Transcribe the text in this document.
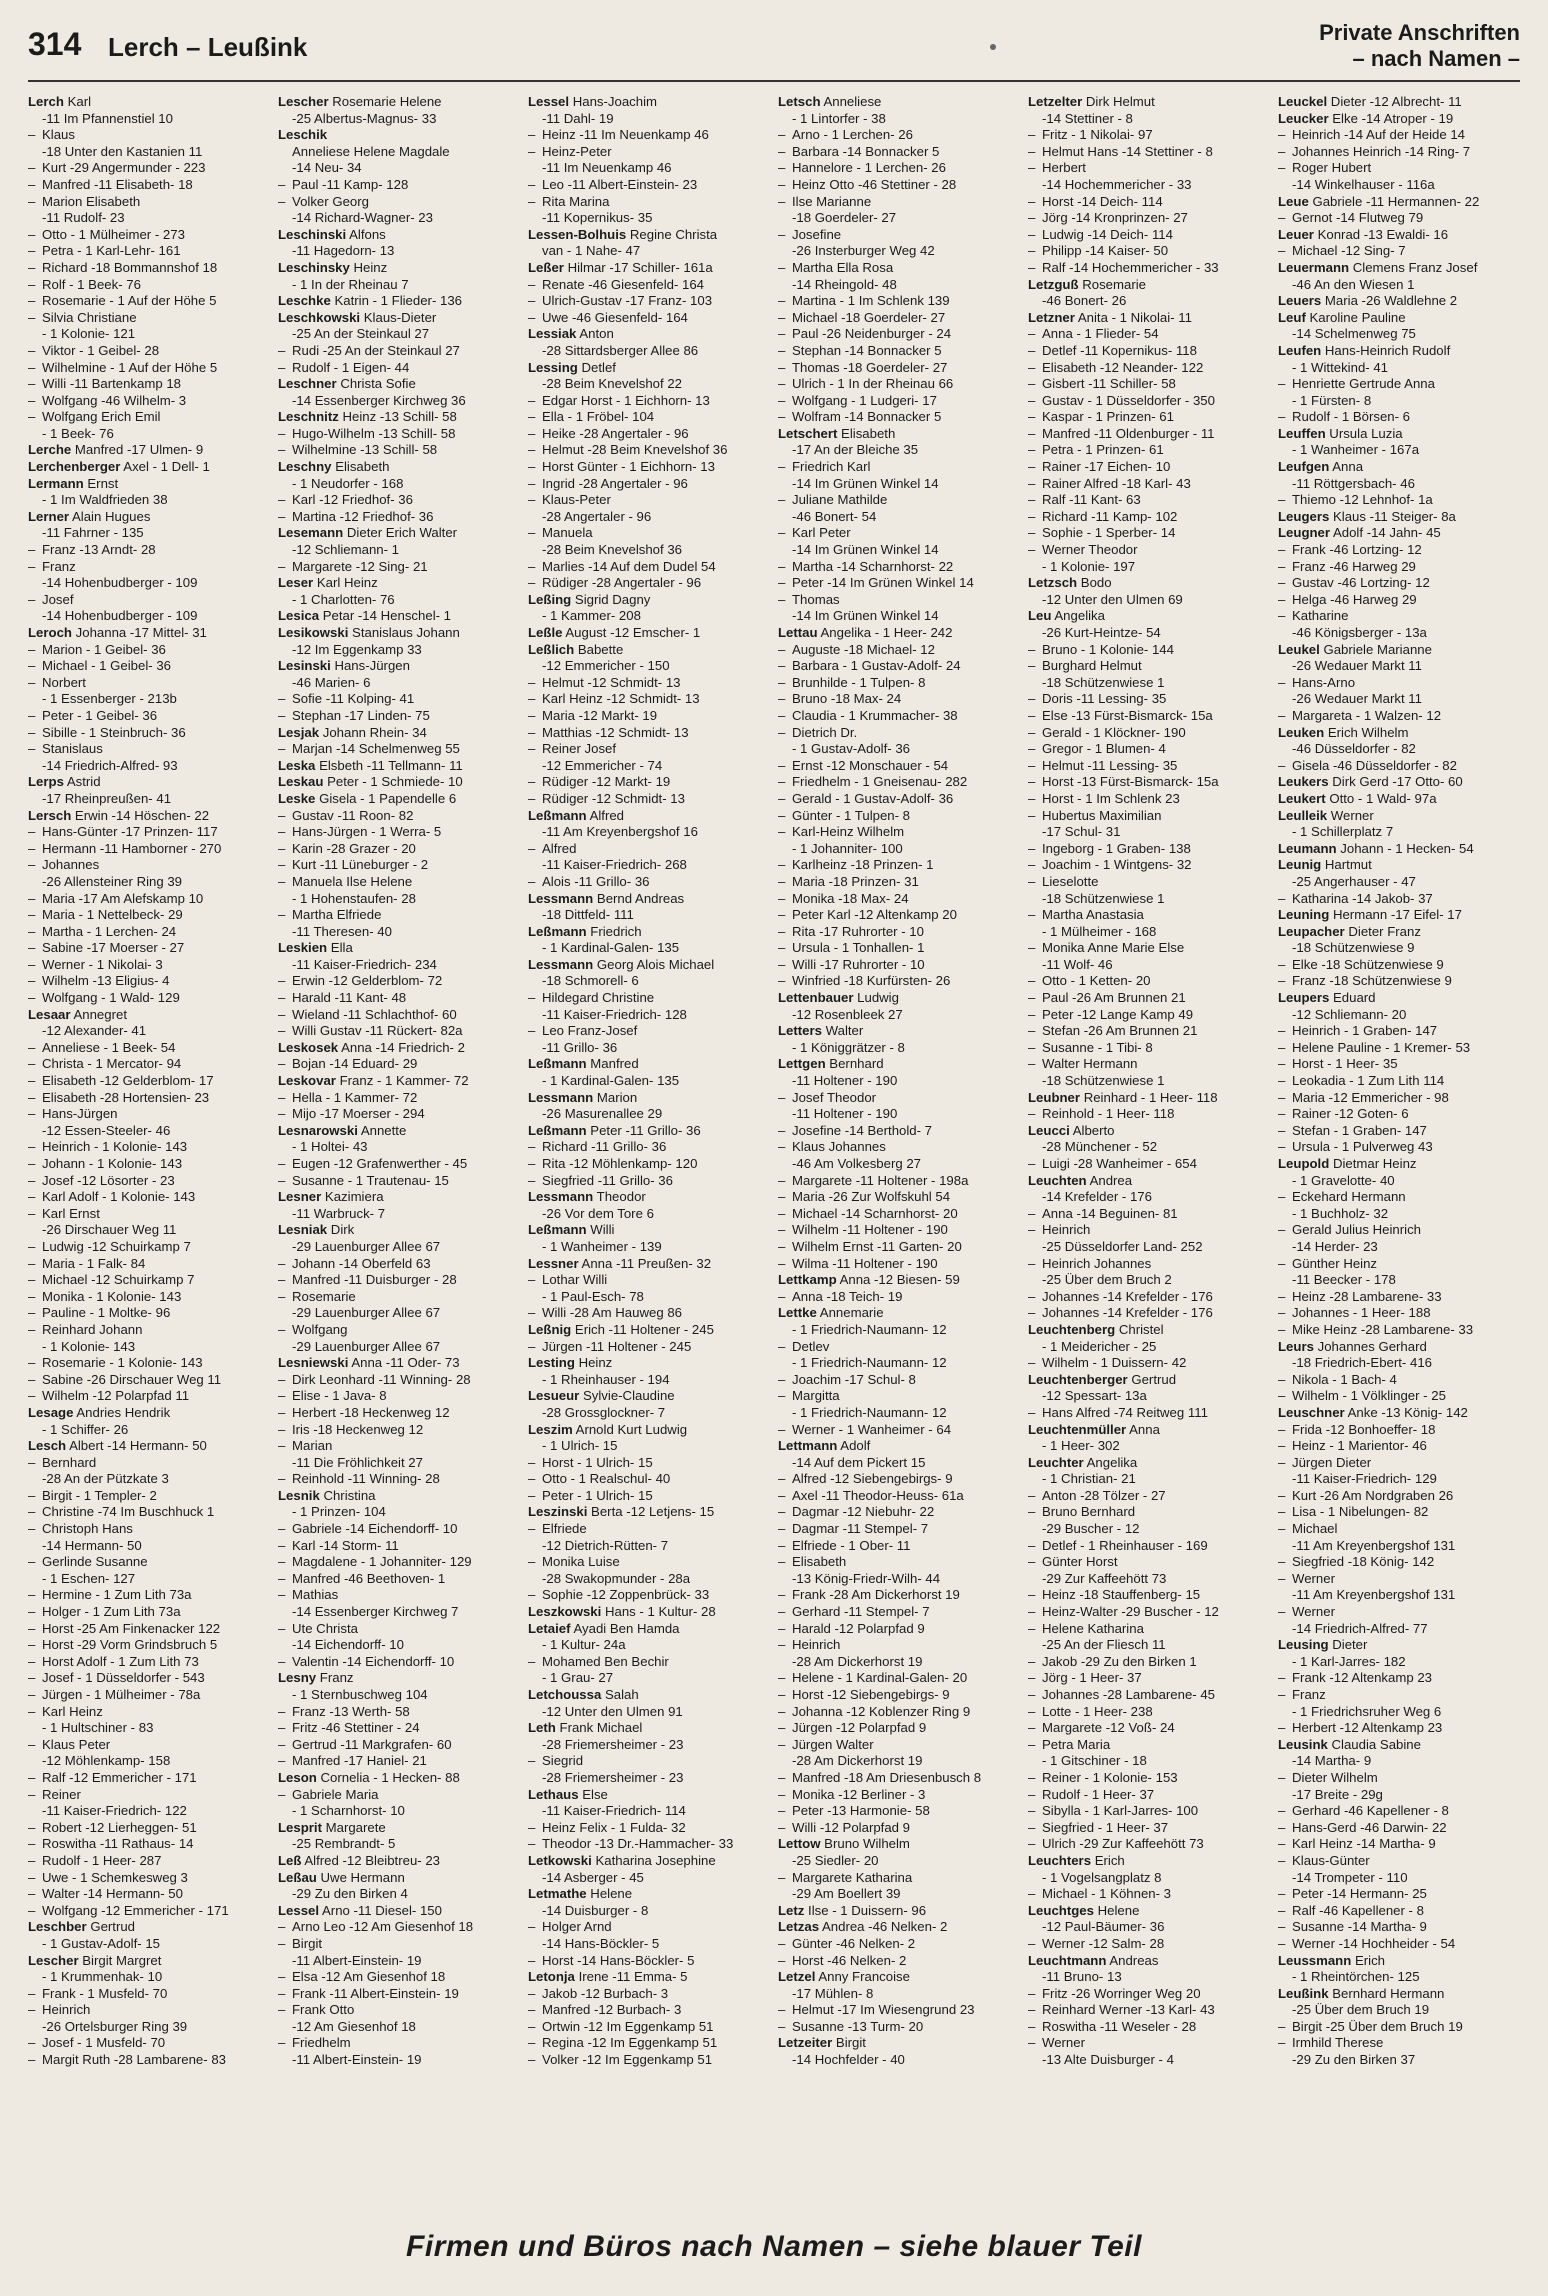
314 Lerch – Leußink	Private Anschriften
– nach Namen –
Lerch Karl
-11 Im Pfannenstiel 10
– Klaus
-18 Unter den Kastanien 11
– Kurt -29 Angermunder - 223
– Manfred -11 Elisabeth- 18
– Marion Elisabeth
-11 Rudolf- 23
– Otto - 1 Mülheimer - 273
– Petra - 1 Karl-Lehr- 161
– Richard -18 Bommannshof 18
– Rolf - 1 Beek- 76
– Rosemarie - 1 Auf der Höhe 5
– Silvia Christiane
- 1 Kolonie- 121
– Viktor - 1 Geibel- 28
– Wilhelmine - 1 Auf der Höhe 5
– Willi -11 Bartenkamp 18
– Wolfgang -46 Wilhelm- 3
– Wolfgang Erich Emil
- 1 Beek- 76
Lerche Manfred -17 Ulmen- 9
Lerchenberger Axel - 1 Dell- 1
Lermann Ernst
- 1 Im Waldfrieden 38
Lerner Alain Hugues
-11 Fahrner - 135
– Franz -13 Arndt- 28
– Franz
-14 Hohenbudberger - 109
– Josef
-14 Hohenbudberger - 109
Leroch Johanna -17 Mittel- 31
– Marion - 1 Geibel- 36
– Michael - 1 Geibel- 36
– Norbert
- 1 Essenberger - 213b
– Peter - 1 Geibel- 36
– Sibille - 1 Steinbruch- 36
– Stanislaus
-14 Friedrich-Alfred- 93
Lerps Astrid
-17 Rheinpreußen- 41
Lersch Erwin -14 Höschen- 22
– Hans-Günter -17 Prinzen- 117
– Hermann -11 Hamborner - 270
– Johannes
-26 Allensteiner Ring 39
– Maria -17 Am Alefskamp 10
– Maria - 1 Nettelbeck- 29
– Martha - 1 Lerchen- 24
– Sabine -17 Moerser - 27
– Werner - 1 Nikolai- 3
– Wilhelm -13 Eligius- 4
– Wolfgang - 1 Wald- 129
Lesaar Annegret
-12 Alexander- 41
– Anneliese - 1 Beek- 54
– Christa - 1 Mercator- 94
– Elisabeth -12 Gelderblom- 17
– Elisabeth -28 Hortensien- 23
– Hans-Jürgen
-12 Essen-Steeler- 46
– Heinrich - 1 Kolonie- 143
– Johann - 1 Kolonie- 143
– Josef -12 Lösorter - 23
– Karl Adolf - 1 Kolonie- 143
– Karl Ernst
-26 Dirschauer Weg 11
– Ludwig -12 Schuirkamp 7
– Maria - 1 Falk- 84
– Michael -12 Schuirkamp 7
– Monika - 1 Kolonie- 143
– Pauline - 1 Moltke- 96
– Reinhard Johann
- 1 Kolonie- 143
– Rosemarie - 1 Kolonie- 143
– Sabine -26 Dirschauer Weg 11
– Wilhelm -12 Polarpfad 11
Lesage Andries Hendrik
- 1 Schiffer- 26
Lesch Albert -14 Hermann- 50
– Bernhard
-28 An der Pützkate 3
– Birgit - 1 Templer- 2
– Christine -74 Im Buschhuck 1
– Christoph Hans
-14 Hermann- 50
– Gerlinde Susanne
- 1 Eschen- 127
– Hermine - 1 Zum Lith 73a
– Holger - 1 Zum Lith 73a
– Horst -25 Am Finkenacker 122
– Horst -29 Vorm Grindsbruch 5
– Horst Adolf - 1 Zum Lith 73
– Josef - 1 Düsseldorfer - 543
– Jürgen - 1 Mülheimer - 78a
– Karl Heinz
- 1 Hultschiner - 83
– Klaus Peter
-12 Möhlenkamp- 158
– Ralf -12 Emmericher - 171
– Reiner
-11 Kaiser-Friedrich- 122
– Robert -12 Lierheggen- 51
– Roswitha -11 Rathaus- 14
– Rudolf - 1 Heer- 287
– Uwe - 1 Schemkesweg 3
– Walter -14 Hermann- 50
– Wolfgang -12 Emmericher - 171
Leschber Gertrud
- 1 Gustav-Adolf- 15
Lescher Birgit Margret
- 1 Krummenhak- 10
– Frank - 1 Musfeld- 70
– Heinrich
-26 Ortelsburger Ring 39
– Josef - 1 Musfeld- 70
– Margit Ruth -28 Lambarene- 83
Lescher Rosemarie Helene
-25 Albertus-Magnus- 33
Leschik
Anneliese Helene Magdale
-14 Neu- 34
– Paul -11 Kamp- 128
– Volker Georg
-14 Richard-Wagner- 23
Leschinski Alfons
-11 Hagedorn- 13
Leschinsky Heinz
- 1 In der Rheinau 7
Leschke Katrin - 1 Flieder- 136
Leschkowski Klaus-Dieter
-25 An der Steinkaul 27
– Rudi -25 An der Steinkaul 27
– Rudolf - 1 Eigen- 44
Leschner Christa Sofie
-14 Essenberger Kirchweg 36
Leschnitz Heinz -13 Schill- 58
– Hugo-Wilhelm -13 Schill- 58
– Wilhelmine -13 Schill- 58
Leschny Elisabeth
- 1 Neudorfer - 168
– Karl -12 Friedhof- 36
– Martina -12 Friedhof- 36
Lesemann Dieter Erich Walter
-12 Schliemann- 1
– Margarete -12 Sing- 21
Leser Karl Heinz
- 1 Charlotten- 76
Lesica Petar -14 Henschel- 1
Lesikowski Stanislaus Johann
-12 Im Eggenkamp 33
Lesinski Hans-Jürgen
-46 Marien- 6
– Sofie -11 Kolping- 41
– Stephan -17 Linden- 75
Lesjak Johann Rhein- 34
– Marjan -14 Schelmenweg 55
Leska Elsbeth -11 Tellmann- 11
Leskau Peter - 1 Schmiede- 10
Leske Gisela - 1 Papendelle 6
– Gustav -11 Roon- 82
– Hans-Jürgen - 1 Werra- 5
– Karin -28 Grazer - 20
– Kurt -11 Lüneburger - 2
– Manuela Ilse Helene
- 1 Hohenstaufen- 28
– Martha Elfriede
-11 Theresen- 40
Leskien Ella
-11 Kaiser-Friedrich- 234
– Erwin -12 Gelderblom- 72
– Harald -11 Kant- 48
– Wieland -11 Schlachthof- 60
– Willi Gustav -11 Rückert- 82a
Leskosek Anna -14 Friedrich- 2
– Bojan -14 Eduard- 29
Leskovar Franz - 1 Kammer- 72
– Hella - 1 Kammer- 72
– Mijo -17 Moerser - 294
Lesnarowski Annette
- 1 Holtei- 43
– Eugen -12 Grafenwerther - 45
– Susanne - 1 Trautenau- 15
Lesner Kazimiera
-11 Warbruck- 7
Lesniak Dirk
-29 Lauenburger Allee 67
– Johann -14 Oberfeld 63
– Manfred -11 Duisburger - 28
– Rosemarie
-29 Lauenburger Allee 67
– Wolfgang
-29 Lauenburger Allee 67
Lesniewski Anna -11 Oder- 73
– Dirk Leonhard -11 Winning- 28
– Elise - 1 Java- 8
– Herbert -18 Heckenweg 12
– Iris -18 Heckenweg 12
– Marian
-11 Die Fröhlichkeit 27
– Reinhold -11 Winning- 28
Lesnik Christina
- 1 Prinzen- 104
– Gabriele -14 Eichendorff- 10
– Karl -14 Storm- 11
– Magdalene - 1 Johanniter- 129
– Manfred -46 Beethoven- 1
– Mathias
-14 Essenberger Kirchweg 7
– Ute Christa
-14 Eichendorff- 10
– Valentin -14 Eichendorff- 10
Lesny Franz
- 1 Sternbuschweg 104
– Franz -13 Werth- 58
– Fritz -46 Stettiner - 24
– Gertrud -11 Markgrafen- 60
– Manfred -17 Haniel- 21
Leson Cornelia - 1 Hecken- 88
– Gabriele Maria
- 1 Scharnhorst- 10
Lesprit Margarete
-25 Rembrandt- 5
Leß Alfred -12 Bleibtreu- 23
Leßau Uwe Hermann
-29 Zu den Birken 4
Lessel Arno -11 Diesel- 150
– Arno Leo -12 Am Giesenhof 18
– Birgit
-11 Albert-Einstein- 19
– Elsa -12 Am Giesenhof 18
– Frank -11 Albert-Einstein- 19
– Frank Otto
-12 Am Giesenhof 18
– Friedhelm
-11 Albert-Einstein- 19
Lessel Hans-Joachim
-11 Dahl- 19
– Heinz -11 Im Neuenkamp 46
– Heinz-Peter
-11 Im Neuenkamp 46
– Leo -11 Albert-Einstein- 23
– Rita Marina
-11 Kopernikus- 35
Lessen-Bolhuis Regine Christa
van - 1 Nahe- 47
Leßer Hilmar -17 Schiller- 161a
– Renate -46 Giesenfeld- 164
– Ulrich-Gustav -17 Franz- 103
– Uwe -46 Giesenfeld- 164
Lessiak Anton
-28 Sittardsberger Allee 86
Lessing Detlef
-28 Beim Knevelshof 22
– Edgar Horst - 1 Eichhorn- 13
– Ella - 1 Fröbel- 104
– Heike -28 Angertaler - 96
– Helmut -28 Beim Knevelshof 36
– Horst Günter - 1 Eichhorn- 13
– Ingrid -28 Angertaler - 96
– Klaus-Peter
-28 Angertaler - 96
– Manuela
-28 Beim Knevelshof 36
– Marlies -14 Auf dem Dudel 54
– Rüdiger -28 Angertaler - 96
Leßing Sigrid Dagny
- 1 Kammer- 208
Leßle August -12 Emscher- 1
Leßlich Babette
-12 Emmericher - 150
– Helmut -12 Schmidt- 13
– Karl Heinz -12 Schmidt- 13
– Maria -12 Markt- 19
– Matthias -12 Schmidt- 13
– Reiner Josef
-12 Emmericher - 74
– Rüdiger -12 Markt- 19
– Rüdiger -12 Schmidt- 13
Leßmann Alfred
-11 Am Kreyenbergshof 16
– Alfred
-11 Kaiser-Friedrich- 268
– Alois -11 Grillo- 36
Lessmann Bernd Andreas
-18 Dittfeld- 111
Leßmann Friedrich
- 1 Kardinal-Galen- 135
Lessmann Georg Alois Michael
-18 Schmorell- 6
– Hildegard Christine
-11 Kaiser-Friedrich- 128
– Leo Franz-Josef
-11 Grillo- 36
Leßmann Manfred
- 1 Kardinal-Galen- 135
Lessmann Marion
-26 Masurenallee 29
Leßmann Peter -11 Grillo- 36
– Richard -11 Grillo- 36
– Rita -12 Möhlenkamp- 120
– Siegfried -11 Grillo- 36
Lessmann Theodor
-26 Vor dem Tore 6
Leßmann Willi
- 1 Wanheimer - 139
Lessner Anna -11 Preußen- 32
– Lothar Willi
- 1 Paul-Esch- 78
– Willi -28 Am Hauweg 86
Leßnig Erich -11 Holtener - 245
– Jürgen -11 Holtener - 245
Lesting Heinz
- 1 Rheinhauser - 194
Lesueur Sylvie-Claudine
-28 Grossglockner- 7
Leszim Arnold Kurt Ludwig
- 1 Ulrich- 15
– Horst - 1 Ulrich- 15
– Otto - 1 Realschul- 40
– Peter - 1 Ulrich- 15
Leszinski Berta -12 Letjens- 15
– Elfriede
-12 Dietrich-Rütten- 7
– Monika Luise
-28 Swakopmunder - 28a
– Sophie -12 Zoppenbrück- 33
Leszkowski Hans - 1 Kultur- 28
Letaief Ayadi Ben Hamda
- 1 Kultur- 24a
– Mohamed Ben Bechir
- 1 Grau- 27
Letchoussa Salah
-12 Unter den Ulmen 91
Leth Frank Michael
-28 Friemersheimer - 23
– Siegrid
-28 Friemersheimer - 23
Lethaus Else
-11 Kaiser-Friedrich- 114
– Heinz Felix - 1 Fulda- 32
– Theodor -13 Dr.-Hammacher- 33
Letkowski Katharina Josephine
-14 Asberger - 45
Letmathe Helene
-14 Duisburger - 8
– Holger Arnd
-14 Hans-Böckler- 5
– Horst -14 Hans-Böckler- 5
Letonja Irene -11 Emma- 5
– Jakob -12 Burbach- 3
– Manfred -12 Burbach- 3
– Ortwin -12 Im Eggenkamp 51
– Regina -12 Im Eggenkamp 51
– Volker -12 Im Eggenkamp 51
Letsch Anneliese
- 1 Lintorfer - 38
– Arno - 1 Lerchen- 26
– Barbara -14 Bonnacker 5
– Hannelore - 1 Lerchen- 26
– Heinz Otto -46 Stettiner - 28
– Ilse Marianne
-18 Goerdeler- 27
– Josefine
-26 Insterburger Weg 42
– Martha Ella Rosa
-14 Rheingold- 48
– Martina - 1 Im Schlenk 139
– Michael -18 Goerdeler- 27
– Paul -26 Neidenburger - 24
– Stephan -14 Bonnacker 5
– Thomas -18 Goerdeler- 27
– Ulrich - 1 In der Rheinau 66
– Wolfgang - 1 Ludgeri- 17
– Wolfram -14 Bonnacker 5
Letschert Elisabeth
-17 An der Bleiche 35
– Friedrich Karl
-14 Im Grünen Winkel 14
– Juliane Mathilde
-46 Bonert- 54
– Karl Peter
-14 Im Grünen Winkel 14
– Martha -14 Scharnhorst- 22
– Peter -14 Im Grünen Winkel 14
– Thomas
-14 Im Grünen Winkel 14
Lettau Angelika - 1 Heer- 242
– Auguste -18 Michael- 12
– Barbara - 1 Gustav-Adolf- 24
– Brunhilde - 1 Tulpen- 8
– Bruno -18 Max- 24
– Claudia - 1 Krummacher- 38
– Dietrich Dr.
- 1 Gustav-Adolf- 36
– Ernst -12 Monschauer - 54
– Friedhelm - 1 Gneisenau- 282
– Gerald - 1 Gustav-Adolf- 36
– Günter - 1 Tulpen- 8
– Karl-Heinz Wilhelm
- 1 Johanniter- 100
– Karlheinz -18 Prinzen- 1
– Maria -18 Prinzen- 31
– Monika -18 Max- 24
– Peter Karl -12 Altenkamp 20
– Rita -17 Ruhrorter - 10
– Ursula - 1 Tonhallen- 1
– Willi -17 Ruhrorter - 10
– Winfried -18 Kurfürsten- 26
Lettenbauer Ludwig
-12 Rosenbleek 27
Letters Walter
- 1 Königgrätzer - 8
Lettgen Bernhard
-11 Holtener - 190
– Josef Theodor
-11 Holtener - 190
– Josefine -14 Berthold- 7
– Klaus Johannes
-46 Am Volkesberg 27
– Margarete -11 Holtener - 198a
– Maria -26 Zur Wolfskuhl 54
– Michael -14 Scharnhorst- 20
– Wilhelm -11 Holtener - 190
– Wilhelm Ernst -11 Garten- 20
– Wilma -11 Holtener - 190
Lettkamp Anna -12 Biesen- 59
– Anna -18 Teich- 19
Lettke Annemarie
- 1 Friedrich-Naumann- 12
– Detlev
- 1 Friedrich-Naumann- 12
– Joachim -17 Schul- 8
– Margitta
- 1 Friedrich-Naumann- 12
– Werner - 1 Wanheimer - 64
Lettmann Adolf
-14 Auf dem Pickert 15
– Alfred -12 Siebengebirgs- 9
– Axel -11 Theodor-Heuss- 61a
– Dagmar -12 Niebuhr- 22
– Dagmar -11 Stempel- 7
– Elfriede - 1 Ober- 11
– Elisabeth
-13 König-Friedr-Wilh- 44
– Frank -28 Am Dickerhorst 19
– Gerhard -11 Stempel- 7
– Harald -12 Polarpfad 9
– Heinrich
-28 Am Dickerhorst 19
– Helene - 1 Kardinal-Galen- 20
– Horst -12 Siebengebirgs- 9
– Johanna -12 Koblenzer Ring 9
– Jürgen -12 Polarpfad 9
– Jürgen Walter
-28 Am Dickerhorst 19
– Manfred -18 Am Driesenbusch 8
– Monika -12 Berliner - 3
– Peter -13 Harmonie- 58
– Willi -12 Polarpfad 9
Lettow Bruno Wilhelm
-25 Siedler- 20
– Margarete Katharina
-29 Am Boellert 39
Letz Ilse - 1 Duissern- 96
Letzas Andrea -46 Nelken- 2
– Günter -46 Nelken- 2
– Horst -46 Nelken- 2
Letzel Anny Francoise
-17 Mühlen- 8
– Helmut -17 Im Wiesengrund 23
– Susanne -13 Turm- 20
Letzeiter Birgit
-14 Hochfelder - 40
Letzelter Dirk Helmut
-14 Stettiner - 8
– Fritz - 1 Nikolai- 97
– Helmut Hans -14 Stettiner - 8
– Herbert
-14 Hochemmericher - 33
– Horst -14 Deich- 114
– Jörg -14 Kronprinzen- 27
– Ludwig -14 Deich- 114
– Philipp -14 Kaiser- 50
– Ralf -14 Hochemmericher - 33
Letzguß Rosemarie
-46 Bonert- 26
Letzner Anita - 1 Nikolai- 11
– Anna - 1 Flieder- 54
– Detlef -11 Kopernikus- 118
– Elisabeth -12 Neander- 122
– Gisbert -11 Schiller- 58
– Gustav - 1 Düsseldorfer - 350
– Kaspar - 1 Prinzen- 61
– Manfred -11 Oldenburger - 11
– Petra - 1 Prinzen- 61
– Rainer -17 Eichen- 10
– Rainer Alfred -18 Karl- 43
– Ralf -11 Kant- 63
– Richard -11 Kamp- 102
– Sophie - 1 Sperber- 14
– Werner Theodor
- 1 Kolonie- 197
Letzsch Bodo
-12 Unter den Ulmen 69
Leu Angelika
-26 Kurt-Heintze- 54
– Bruno - 1 Kolonie- 144
– Burghard Helmut
-18 Schützenwiese 1
– Doris -11 Lessing- 35
– Else -13 Fürst-Bismarck- 15a
– Gerald - 1 Klöckner- 190
– Gregor - 1 Blumen- 4
– Helmut -11 Lessing- 35
– Horst -13 Fürst-Bismarck- 15a
– Horst - 1 Im Schlenk 23
– Hubertus Maximilian
-17 Schul- 31
– Ingeborg - 1 Graben- 138
– Joachim - 1 Wintgens- 32
– Lieselotte
-18 Schützenwiese 1
– Martha Anastasia
- 1 Mülheimer - 168
– Monika Anne Marie Else
-11 Wolf- 46
– Otto - 1 Ketten- 20
– Paul -26 Am Brunnen 21
– Peter -12 Lange Kamp 49
– Stefan -26 Am Brunnen 21
– Susanne - 1 Tibi- 8
– Walter Hermann
-18 Schützenwiese 1
Leubner Reinhard - 1 Heer- 118
– Reinhold - 1 Heer- 118
Leucci Alberto
-28 Münchener - 52
– Luigi -28 Wanheimer - 654
Leuchten Andrea
-14 Krefelder - 176
– Anna -14 Beguinen- 81
– Heinrich
-25 Düsseldorfer Land- 252
– Heinrich Johannes
-25 Über dem Bruch 2
– Johannes -14 Krefelder - 176
– Johannes -14 Krefelder - 176
Leuchtenberg Christel
- 1 Meidericher - 25
– Wilhelm - 1 Duissern- 42
Leuchtenberger Gertrud
-12 Spessart- 13a
– Hans Alfred -74 Reitweg 111
Leuchtenmüller Anna
- 1 Heer- 302
Leuchter Angelika
- 1 Christian- 21
– Anton -28 Tölzer - 27
– Bruno Bernhard
-29 Buscher - 12
– Detlef - 1 Rheinhauser - 169
– Günter Horst
-29 Zur Kaffeehött 73
– Heinz -18 Stauffenberg- 15
– Heinz-Walter -29 Buscher - 12
– Helene Katharina
-25 An der Fliesch 11
– Jakob -29 Zu den Birken 1
– Jörg - 1 Heer- 37
– Johannes -28 Lambarene- 45
– Lotte - 1 Heer- 238
– Margarete -12 Voß- 24
– Petra Maria
- 1 Gitschiner - 18
– Reiner - 1 Kolonie- 153
– Rudolf - 1 Heer- 37
– Sibylla - 1 Karl-Jarres- 100
– Siegfried - 1 Heer- 37
– Ulrich -29 Zur Kaffeehött 73
Leuchters Erich
- 1 Vogelsangplatz 8
– Michael - 1 Köhnen- 3
Leuchtges Helene
-12 Paul-Bäumer- 36
– Werner -12 Salm- 28
Leuchtmann Andreas
-11 Bruno- 13
– Fritz -26 Worringer Weg 20
– Reinhard Werner -13 Karl- 43
– Roswitha -11 Weseler - 28
– Werner
-13 Alte Duisburger - 4
Leuckel Dieter -12 Albrecht- 11
Leucker Elke -14 Atroper - 19
– Heinrich -14 Auf der Heide 14
– Johannes Heinrich -14 Ring- 7
– Roger Hubert
-14 Winkelhauser - 116a
Leue Gabriele -11 Hermannen- 22
– Gernot -14 Flutweg 79
Leuer Konrad -13 Ewaldi- 16
– Michael -12 Sing- 7
Leuermann Clemens Franz Josef
-46 An den Wiesen 1
Leuers Maria -26 Waldlehne 2
Leuf Karoline Pauline
-14 Schelmenweg 75
Leufen Hans-Heinrich Rudolf
- 1 Wittekind- 41
– Henriette Gertrude Anna
- 1 Fürsten- 8
– Rudolf - 1 Börsen- 6
Leuffen Ursula Luzia
- 1 Wanheimer - 167a
Leufgen Anna
-11 Röttgersbach- 46
– Thiemo -12 Lehnhof- 1a
Leugers Klaus -11 Steiger- 8a
Leugner Adolf -14 Jahn- 45
– Frank -46 Lortzing- 12
– Franz -46 Harweg 29
– Gustav -46 Lortzing- 12
– Helga -46 Harweg 29
– Katharine
-46 Königsberger - 13a
Leukel Gabriele Marianne
-26 Wedauer Markt 11
– Hans-Arno
-26 Wedauer Markt 11
– Margareta - 1 Walzen- 12
Leuken Erich Wilhelm
-46 Düsseldorfer - 82
– Gisela -46 Düsseldorfer - 82
Leukers Dirk Gerd -17 Otto- 60
Leukert Otto - 1 Wald- 97a
Leulleik Werner
- 1 Schillerplatz 7
Leumann Johann - 1 Hecken- 54
Leunig Hartmut
-25 Angerhauser - 47
– Katharina -14 Jakob- 37
Leuning Hermann -17 Eifel- 17
Leupacher Dieter Franz
-18 Schützenwiese 9
– Elke -18 Schützenwiese 9
– Franz -18 Schützenwiese 9
Leupers Eduard
-12 Schliemann- 20
– Heinrich - 1 Graben- 147
– Helene Pauline - 1 Kremer- 53
– Horst - 1 Heer- 35
– Leokadia - 1 Zum Lith 114
– Maria -12 Emmericher - 98
– Rainer -12 Goten- 6
– Stefan - 1 Graben- 147
– Ursula - 1 Pulverweg 43
Leupold Dietmar Heinz
- 1 Gravelotte- 40
– Eckehard Hermann
- 1 Buchholz- 32
– Gerald Julius Heinrich
-14 Herder- 23
– Günther Heinz
-11 Beecker - 178
– Heinz -28 Lambarene- 33
– Johannes - 1 Heer- 188
– Mike Heinz -28 Lambarene- 33
Leurs Johannes Gerhard
-18 Friedrich-Ebert- 416
– Nikola - 1 Bach- 4
– Wilhelm - 1 Völklinger - 25
Leuschner Anke -13 König- 142
– Frida -12 Bonhoeffer- 18
– Heinz - 1 Marientor- 46
– Jürgen Dieter
-11 Kaiser-Friedrich- 129
– Kurt -26 Am Nordgraben 26
– Lisa - 1 Nibelungen- 82
– Michael
-11 Am Kreyenbergshof 131
– Siegfried -18 König- 142
– Werner
-11 Am Kreyenbergshof 131
– Werner
-14 Friedrich-Alfred- 77
Leusing Dieter
- 1 Karl-Jarres- 182
– Frank -12 Altenkamp 23
– Franz
- 1 Friedrichsruher Weg 6
– Herbert -12 Altenkamp 23
Leusink Claudia Sabine
-14 Martha- 9
– Dieter Wilhelm
-17 Breite - 29g
– Gerhard -46 Kapellener - 8
– Hans-Gerd -46 Darwin- 22
– Karl Heinz -14 Martha- 9
– Klaus-Günter
-14 Trompeter - 110
– Peter -14 Hermann- 25
– Ralf -46 Kapellener - 8
– Susanne -14 Martha- 9
– Werner -14 Hochheider - 54
Leussmann Erich
- 1 Rheintörchen- 125
Leußink Bernhard Hermann
-25 Über dem Bruch 19
– Birgit -25 Über dem Bruch 19
– Irmhild Therese
-29 Zu den Birken 37
Firmen und Büros nach Namen – siehe blauer Teil
